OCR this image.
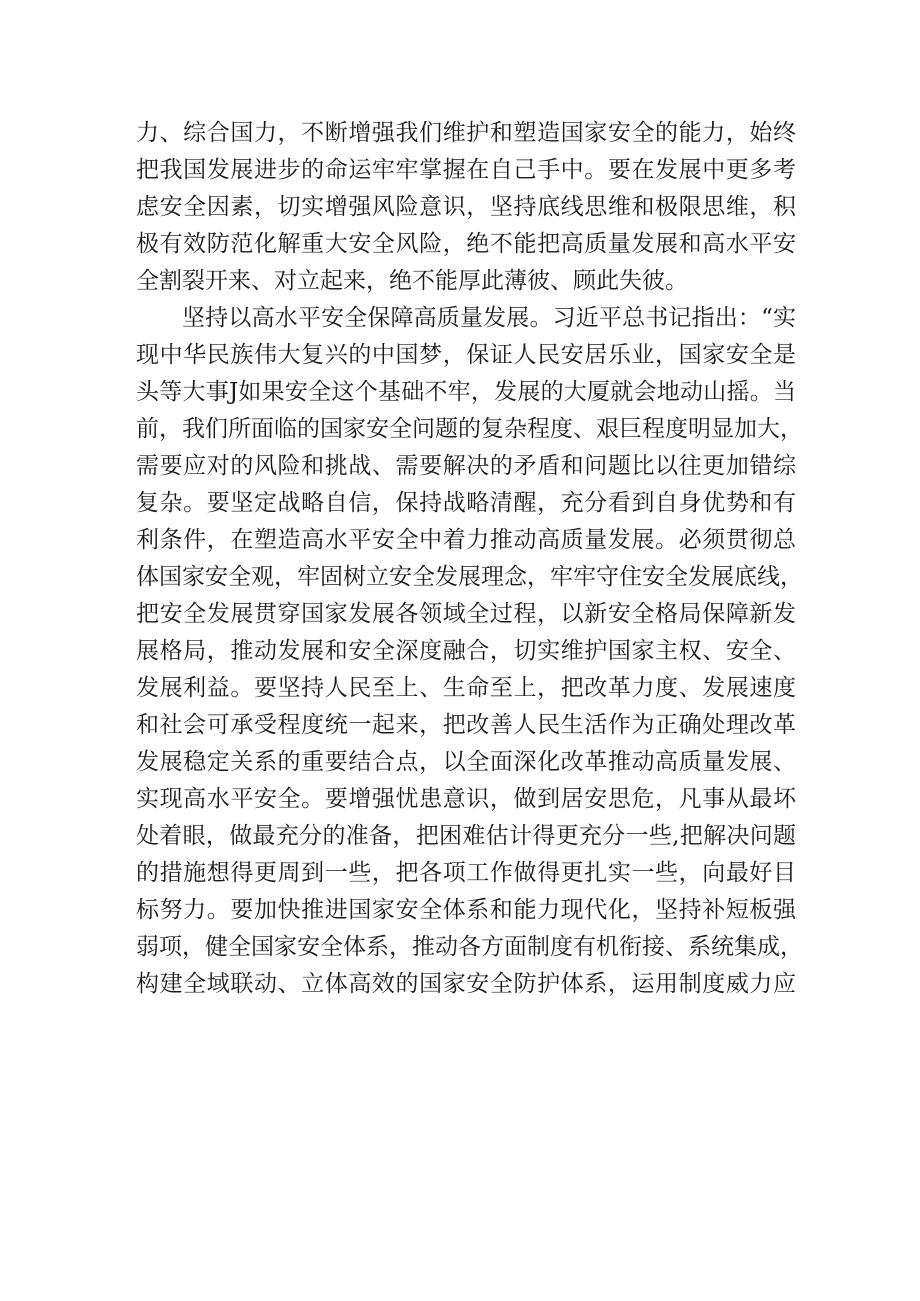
力、综合国力，不断增强我们维护和塑造国家安全的能力，始终
把我国发展进步的命运牢牢掌握在自己手中。要在发展中更多考
虑安全因素，切实增强风险意识，坚持底线思维和极限思维，积
极有效防范化解重大安全风险，绝不能把高质量发展和高水平安
全割裂开来、对立起来，绝不能厚此薄彼、顾此失彼。
坚持以高水平安全保障高质量发展。习近平总书记指出：“实
现中华民族伟大复兴的中国梦，保证人民安居乐业，国家安全是
头等大事J如果安全这个基础不牢，发展的大厦就会地动山摇。当
前，我们所面临的国家安全问题的复杂程度、艰巨程度明显加大，
需要应对的风险和挑战、需要解决的矛盾和问题比以往更加错综
复杂。要坚定战略自信，保持战略清醒，充分看到自身优势和有
利条件，在塑造高水平安全中着力推动高质量发展。必须贯彻总
体国家安全观，牢固树立安全发展理念，牢牢守住安全发展底线，
把安全发展贯穿国家发展各领域全过程，以新安全格局保障新发
展格局，推动发展和安全深度融合，切实维护国家主权、安全、
发展利益。要坚持人民至上、生命至上，把改革力度、发展速度
和社会可承受程度统一起来，把改善人民生活作为正确处理改革
发展稳定关系的重要结合点，以全面深化改革推动高质量发展、
实现高水平安全。要增强忧患意识，做到居安思危，凡事从最坏
处着眼，做最充分的准备，把困难估计得更充分一些,把解决问题
的措施想得更周到一些，把各项工作做得更扎实一些，向最好目
标努力。要加快推进国家安全体系和能力现代化，坚持补短板强
弱项，健全国家安全体系，推动各方面制度有机衔接、系统集成，
构建全域联动、立体高效的国家安全防护体系，运用制度威力应
